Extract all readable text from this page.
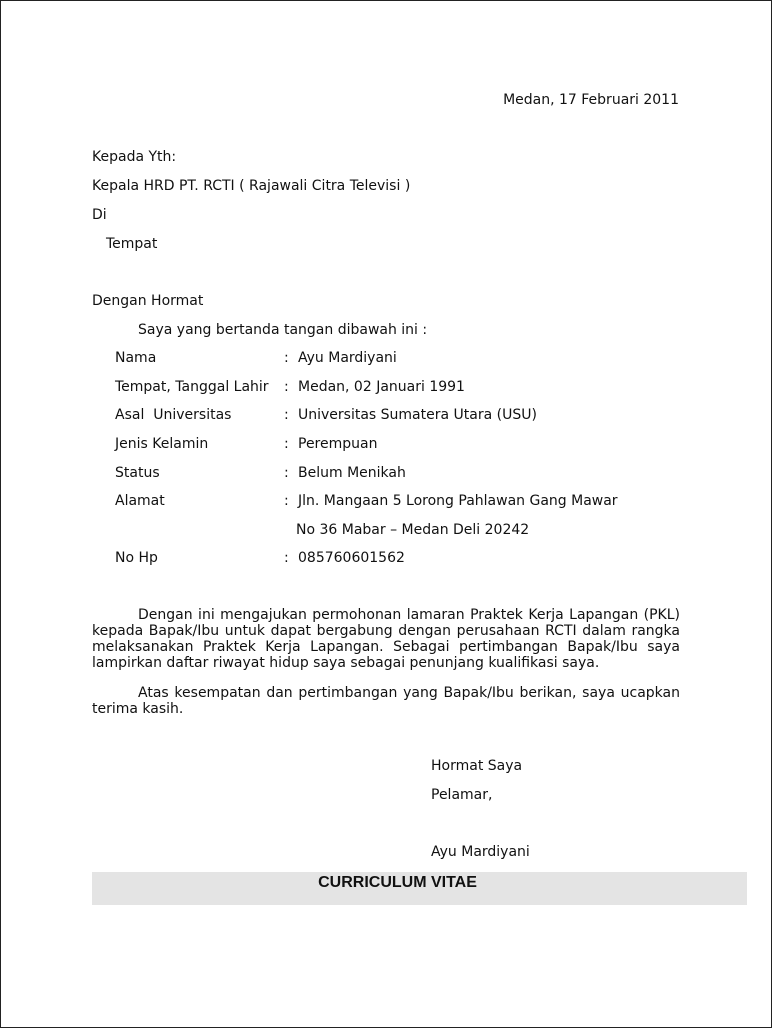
Medan, 17 Februari 2011
Kepada Yth:
Kepala HRD PT. RCTI ( Rajawali Citra Televisi )
Di
Tempat
Dengan Hormat
Saya yang bertanda tangan dibawah ini :
Nama	: Ayu Mardiyani
Tempat, Tanggal Lahir : Medan, 02 Januari 1991
Asal  Universitas	: Universitas Sumatera Utara (USU)
Jenis Kelamin	: Perempuan
Status	: Belum Menikah
Alamat	: Jln. Mangaan 5 Lorong Pahlawan Gang Mawar
No 36 Mabar – Medan Deli 20242
No Hp	: 085760601562
Dengan ini mengajukan permohonan lamaran Praktek Kerja Lapangan (PKL) kepada Bapak/Ibu untuk dapat bergabung dengan perusahaan RCTI dalam rangka melaksanakan Praktek Kerja Lapangan. Sebagai pertimbangan Bapak/Ibu saya lampirkan daftar riwayat hidup saya sebagai penunjang kualifikasi saya.
Atas kesempatan dan pertimbangan yang Bapak/Ibu berikan, saya ucapkan terima kasih.
Hormat Saya
Pelamar,
Ayu Mardiyani
CURRICULUM VITAE
